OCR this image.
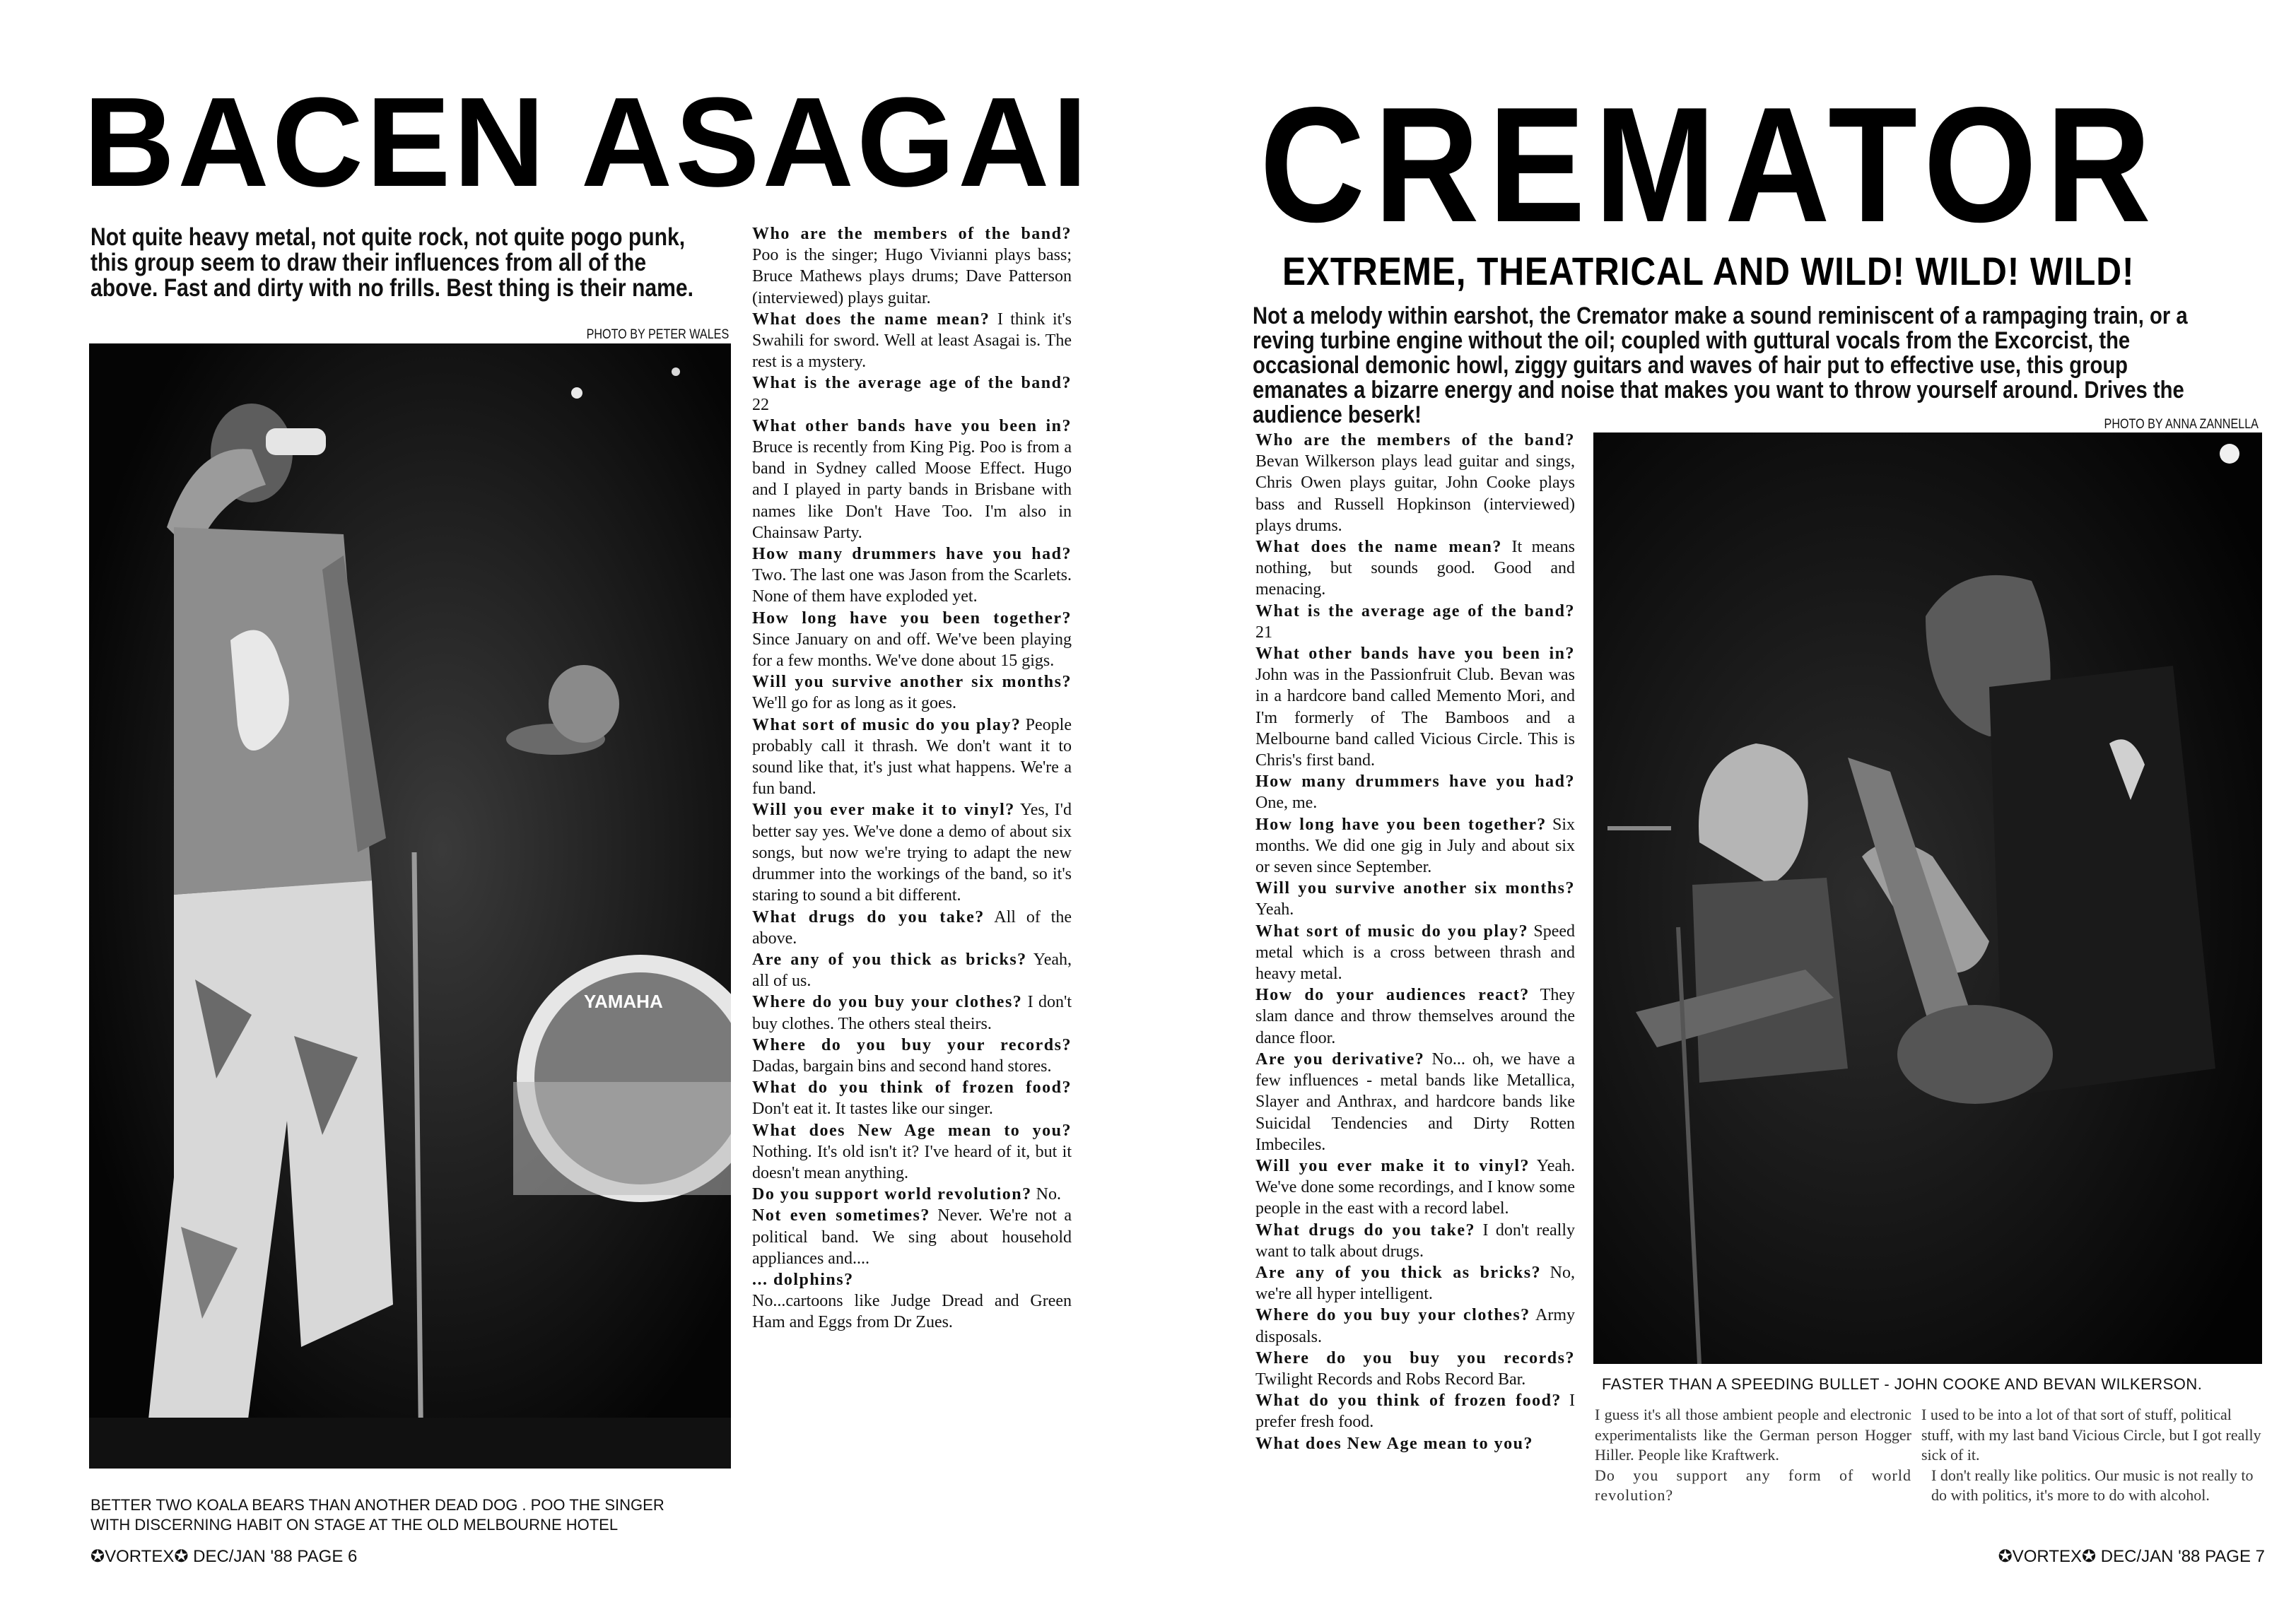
BACEN ASAGAI
Not quite heavy metal, not quite rock, not quite pogo punk, this group seem to draw their influences from all of the above. Fast and dirty with no frills. Best thing is their name.
PHOTO BY PETER WALES
YAMAHA
BETTER TWO KOALA BEARS THAN ANOTHER DEAD DOG . POO THE SINGER
WITH DISCERNING HABIT ON STAGE AT THE OLD MELBOURNE HOTEL
✪VORTEX✪ DEC/JAN '88 PAGE 6

Who are the members of the band? Poo is the singer; Hugo Vivianni plays bass; Bruce Mathews plays drums; Dave Patterson (interviewed) plays guitar.

What does the name mean? I think it's Swahili for sword. Well at least Asagai is. The rest is a mystery.

What is the average age of the band? 22

What other bands have you been in? Bruce is recently from King Pig. Poo is from a band in Sydney called Moose Effect. Hugo and I played in party bands in Brisbane with names like Don't Have Too. I'm also in Chainsaw Party.

How many drummers have you had? Two. The last one was Jason from the Scarlets. None of them have exploded yet.

How long have you been together? Since January on and off. We've been playing for a few months. We've done about 15 gigs.

Will you survive another six months? We'll go for as long as it goes.

What sort of music do you play? People probably call it thrash. We don't want it to sound like that, it's just what happens. We're a fun band.

Will you ever make it to vinyl? Yes, I'd better say yes. We've done a demo of about six songs, but now we're trying to adapt the new drummer into the workings of the band, so it's staring to sound a bit different.

What drugs do you take? All of the above.

Are any of you thick as bricks? Yeah, all of us.

Where do you buy your clothes? I don't buy clothes. The others steal theirs.

Where do you buy your records? Dadas, bargain bins and second hand stores.

What do you think of frozen food? Don't eat it. It tastes like our singer.

What does New Age mean to you? Nothing. It's old isn't it? I've heard of it, but it doesn't mean anything.

Do you support world revolution? No.

Not even sometimes? Never. We're not a political band. We sing about household appliances and....

... dolphins?

No...cartoons like Judge Dread and Green Ham and Eggs from Dr Zues.

CREMATOR
EXTREME, THEATRICAL AND WILD! WILD! WILD!
Not a melody within earshot, the Cremator make a sound reminiscent of a rampaging train, or a reving turbine engine without the oil; coupled with guttural vocals from the Excorcist, the occasional demonic howl, ziggy guitars and waves of hair put to effective use, this group emanates a bizarre energy and noise that makes you want to throw yourself around. Drives the audience beserk!	PHOTO BY ANNA ZANNELLA

Who are the members of the band? Bevan Wilkerson plays lead guitar and sings, Chris Owen plays guitar, John Cooke plays bass and Russell Hopkinson (interviewed) plays drums.

What does the name mean? It means nothing, but sounds good. Good and menacing.

What is the average age of the band? 21

What other bands have you been in? John was in the Passionfruit Club. Bevan was in a hardcore band called Memento Mori, and I'm formerly of The Bamboos and a Melbourne band called Vicious Circle. This is Chris's first band.

How many drummers have you had? One, me.

How long have you been together? Six months. We did one gig in July and about six or seven since September.

Will you survive another six months? Yeah.

What sort of music do you play? Speed metal which is a cross between thrash and heavy metal.

How do your audiences react? They slam dance and throw themselves around the dance floor.

Are you derivative? No... oh, we have a few influences - metal bands like Metallica, Slayer and Anthrax, and hardcore bands like Suicidal Tendencies and Dirty Rotten Imbeciles.

Will you ever make it to vinyl? Yeah. We've done some recordings, and I know some people in the east with a record label.

What drugs do you take? I don't really want to talk about drugs.

Are any of you thick as bricks? No, we're all hyper intelligent.

Where do you buy your clothes? Army disposals.

Where do you buy you records? Twilight Records and Robs Record Bar.

What do you think of frozen food? I prefer fresh food.

What does New Age mean to you?

FASTER THAN A SPEEDING BULLET - JOHN COOKE AND BEVAN WILKERSON.

I guess it's all those ambient people and electronic experimentalists like the German person Hogger Hiller. People like Kraftwerk.

Do you support any form of world revolution?

I used to be into a lot of that sort of stuff, political stuff, with my last band Vicious Circle, but I got really sick of it.

I don't really like politics. Our music is not really to do with politics, it's more to do with alcohol.

✪VORTEX✪ DEC/JAN '88 PAGE 7
